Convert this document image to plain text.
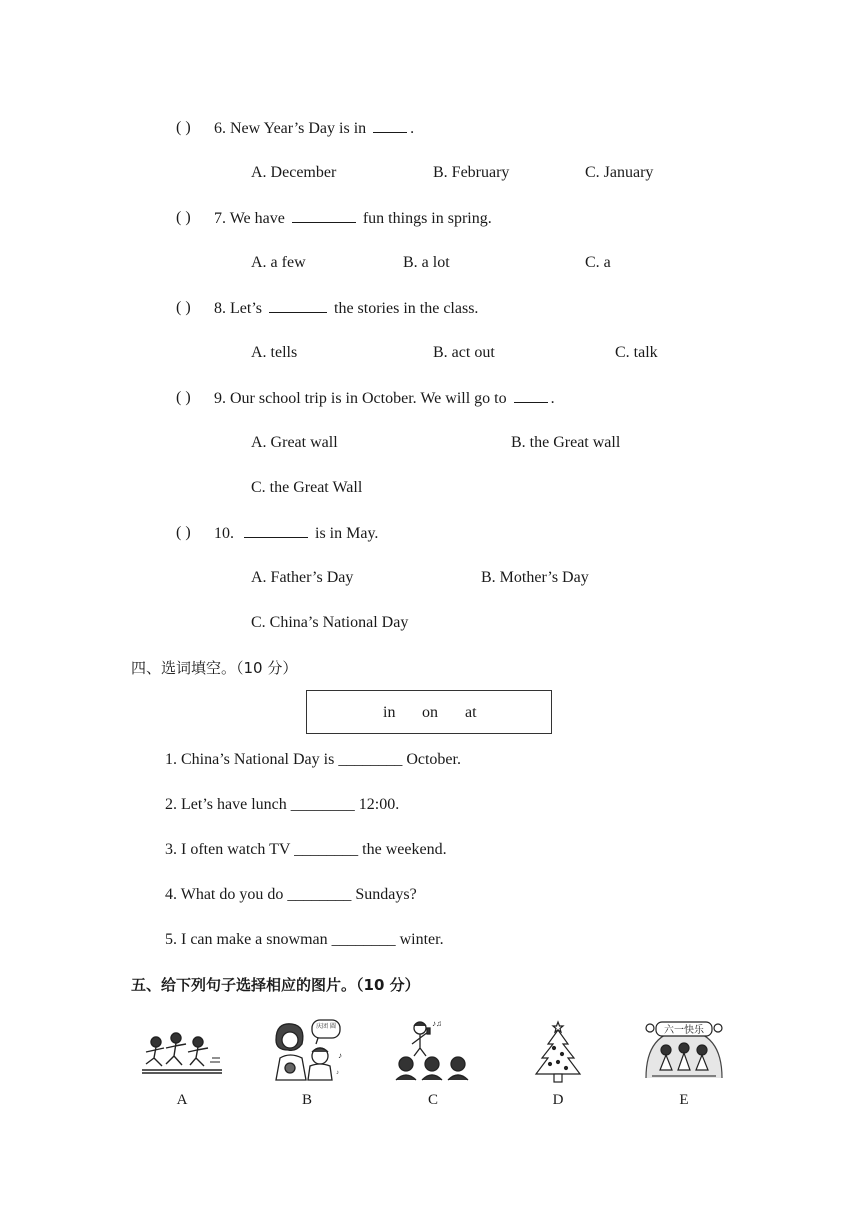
( ) 6. New Year’s Day is in	.
A. December	B. February	C. January
( ) 7. We have	fun things in spring.
A. a few	B. a lot	C. a
( ) 8. Let’s	the stories in the class.
A. tells	B. act out	C. talk
( ) 9. Our school trip is in October. We will go to	.
A. Great wall	B. the Great wall
C. the Great Wall
( ) 10.	is in May.
A. Father’s Day	B. Mother’s Day
C. China’s National Day
四、选词填空。（10 分）
in on at
1. China’s National Day is ________ October.
2. Let’s have lunch ________ 12:00.
3. I often watch TV ________ the weekend.
4. What do you do ________ Sundays?
5. I can make a snowman ________ winter.
五、给下列句子选择相应的图片。（10 分）
A
庆团 圆
♪
♪
B
♪♫
C	D
六一快乐
E
